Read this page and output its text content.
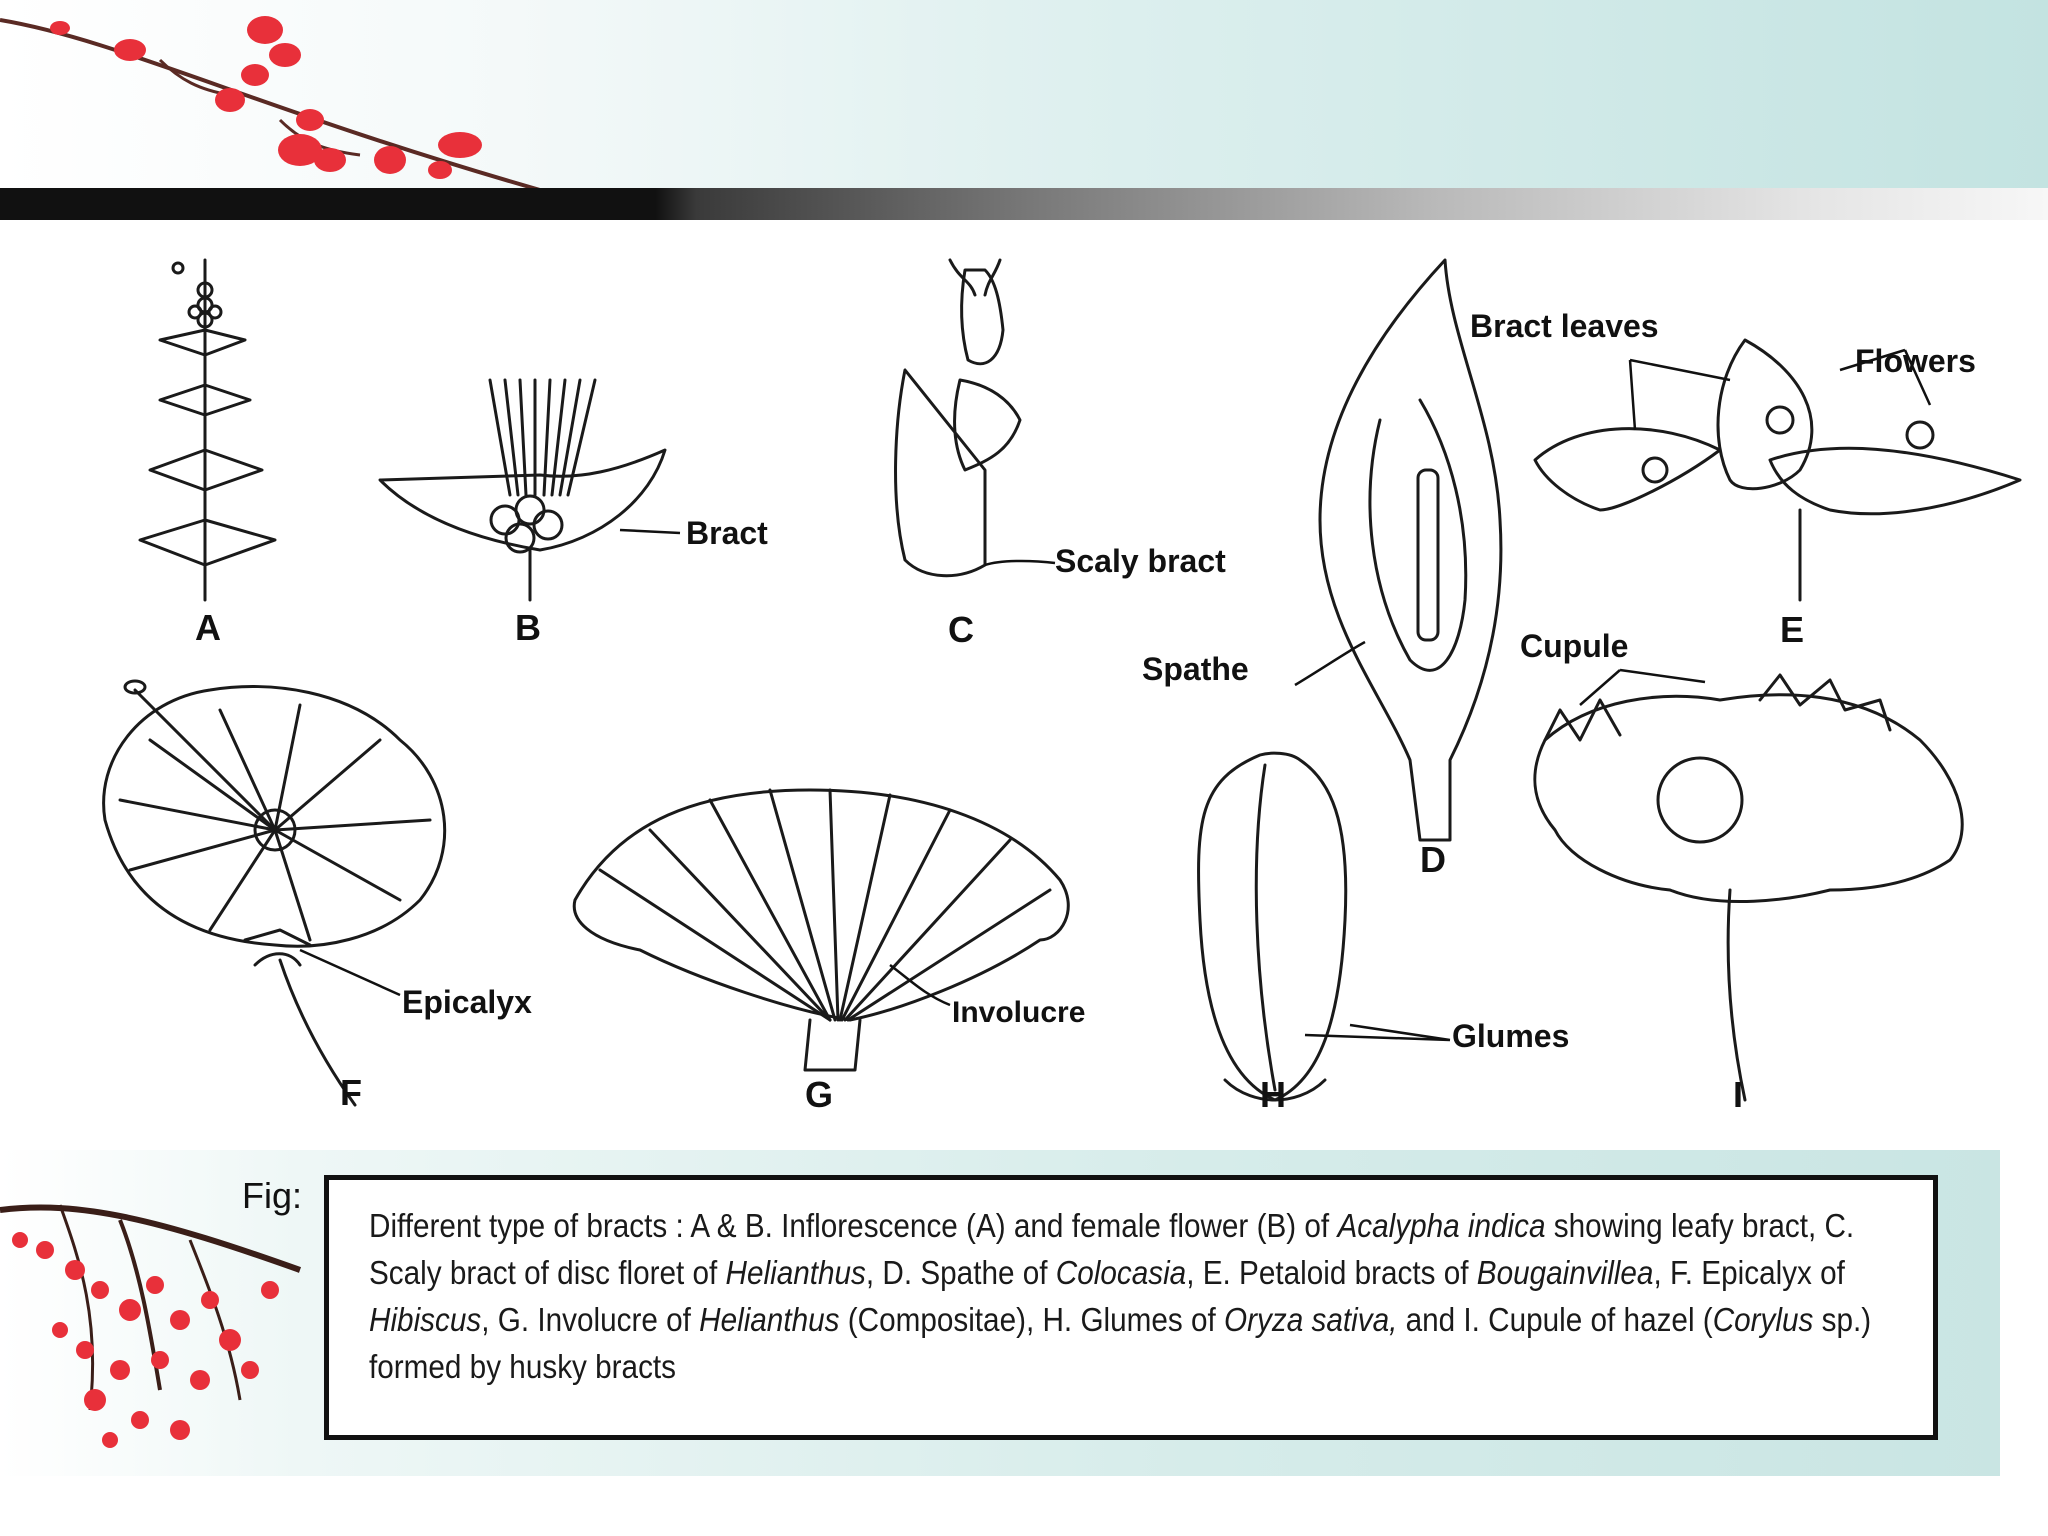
A	B	C
D
E
F	G	H	I
Bract
Scaly bract
Bract leaves
Flowers
Spathe
Cupule
Epicalyx	Involucre
Glumes
Fig:
Different type of bracts : A & B. Inflorescence (A) and female flower (B) of Acalypha indica showing leafy bract, C. Scaly bract of disc floret of Helianthus, D. Spathe of Colocasia, E. Petaloid bracts of Bougainvillea, F. Epicalyx of Hibiscus, G. Involucre of Helianthus (Compositae), H. Glumes of Oryza sativa, and I. Cupule of hazel (Corylus sp.) formed by husky bracts
